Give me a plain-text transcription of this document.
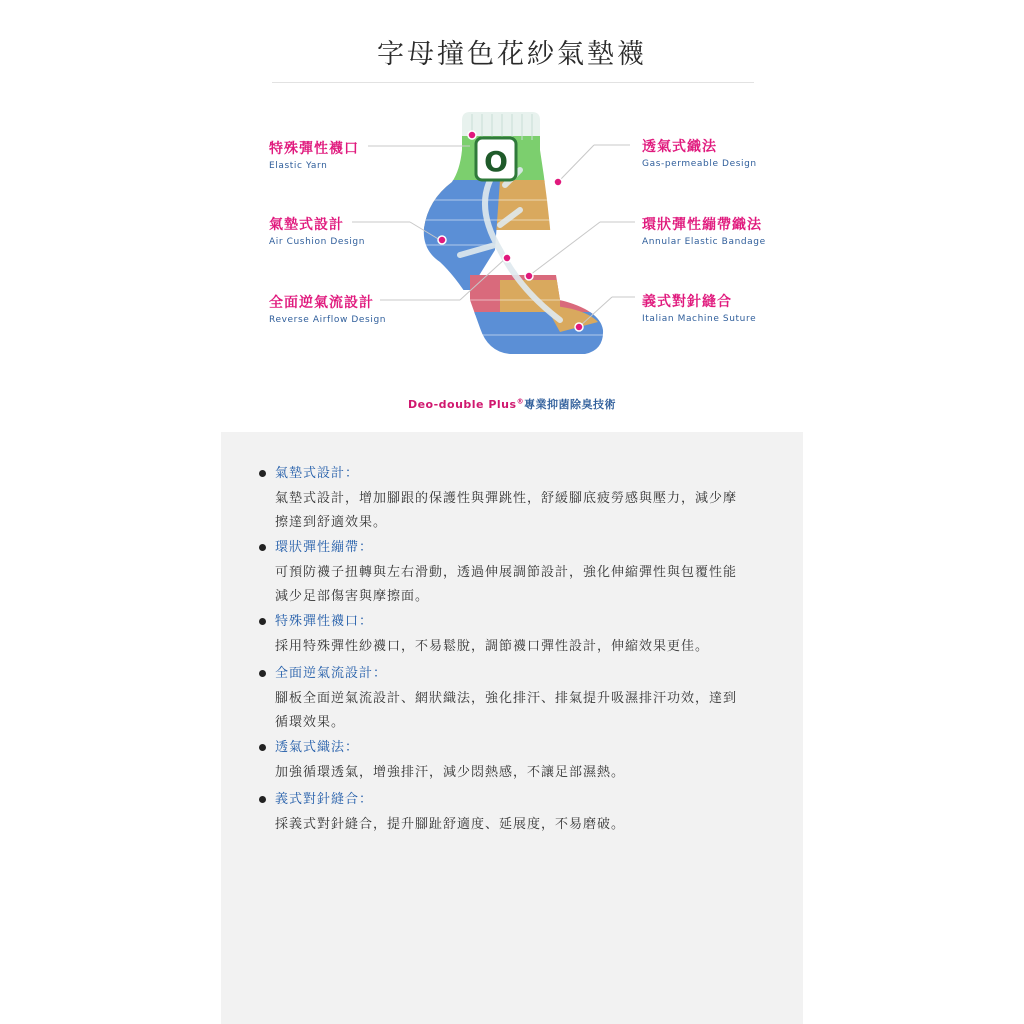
字母撞色花紗氣墊襪
特殊彈性襪口
Elastic Yarn
氣墊式設計
Air Cushion Design
全面逆氣流設計
Reverse Airflow Design
透氣式織法
Gas-permeable Design
環狀彈性繃帶織法
Annular Elastic Bandage
義式對針縫合
Italian Machine Suture
O
Deo-double Plus®專業抑菌除臭技術
氣墊式設計：
氣墊式設計，增加腳跟的保護性與彈跳性，舒緩腳底疲勞感與壓力，減少摩擦達到舒適效果。
環狀彈性繃帶：
可預防襪子扭轉與左右滑動，透過伸展調節設計，強化伸縮彈性與包覆性能減少足部傷害與摩擦面。
特殊彈性襪口：
採用特殊彈性紗襪口，不易鬆脫，調節襪口彈性設計，伸縮效果更佳。
全面逆氣流設計：
腳板全面逆氣流設計、網狀織法，強化排汗、排氣提升吸濕排汗功效，達到循環效果。
透氣式織法：
加強循環透氣，增強排汗，減少悶熱感，不讓足部濕熱。
義式對針縫合：
採義式對針縫合，提升腳趾舒適度、延展度，不易磨破。
